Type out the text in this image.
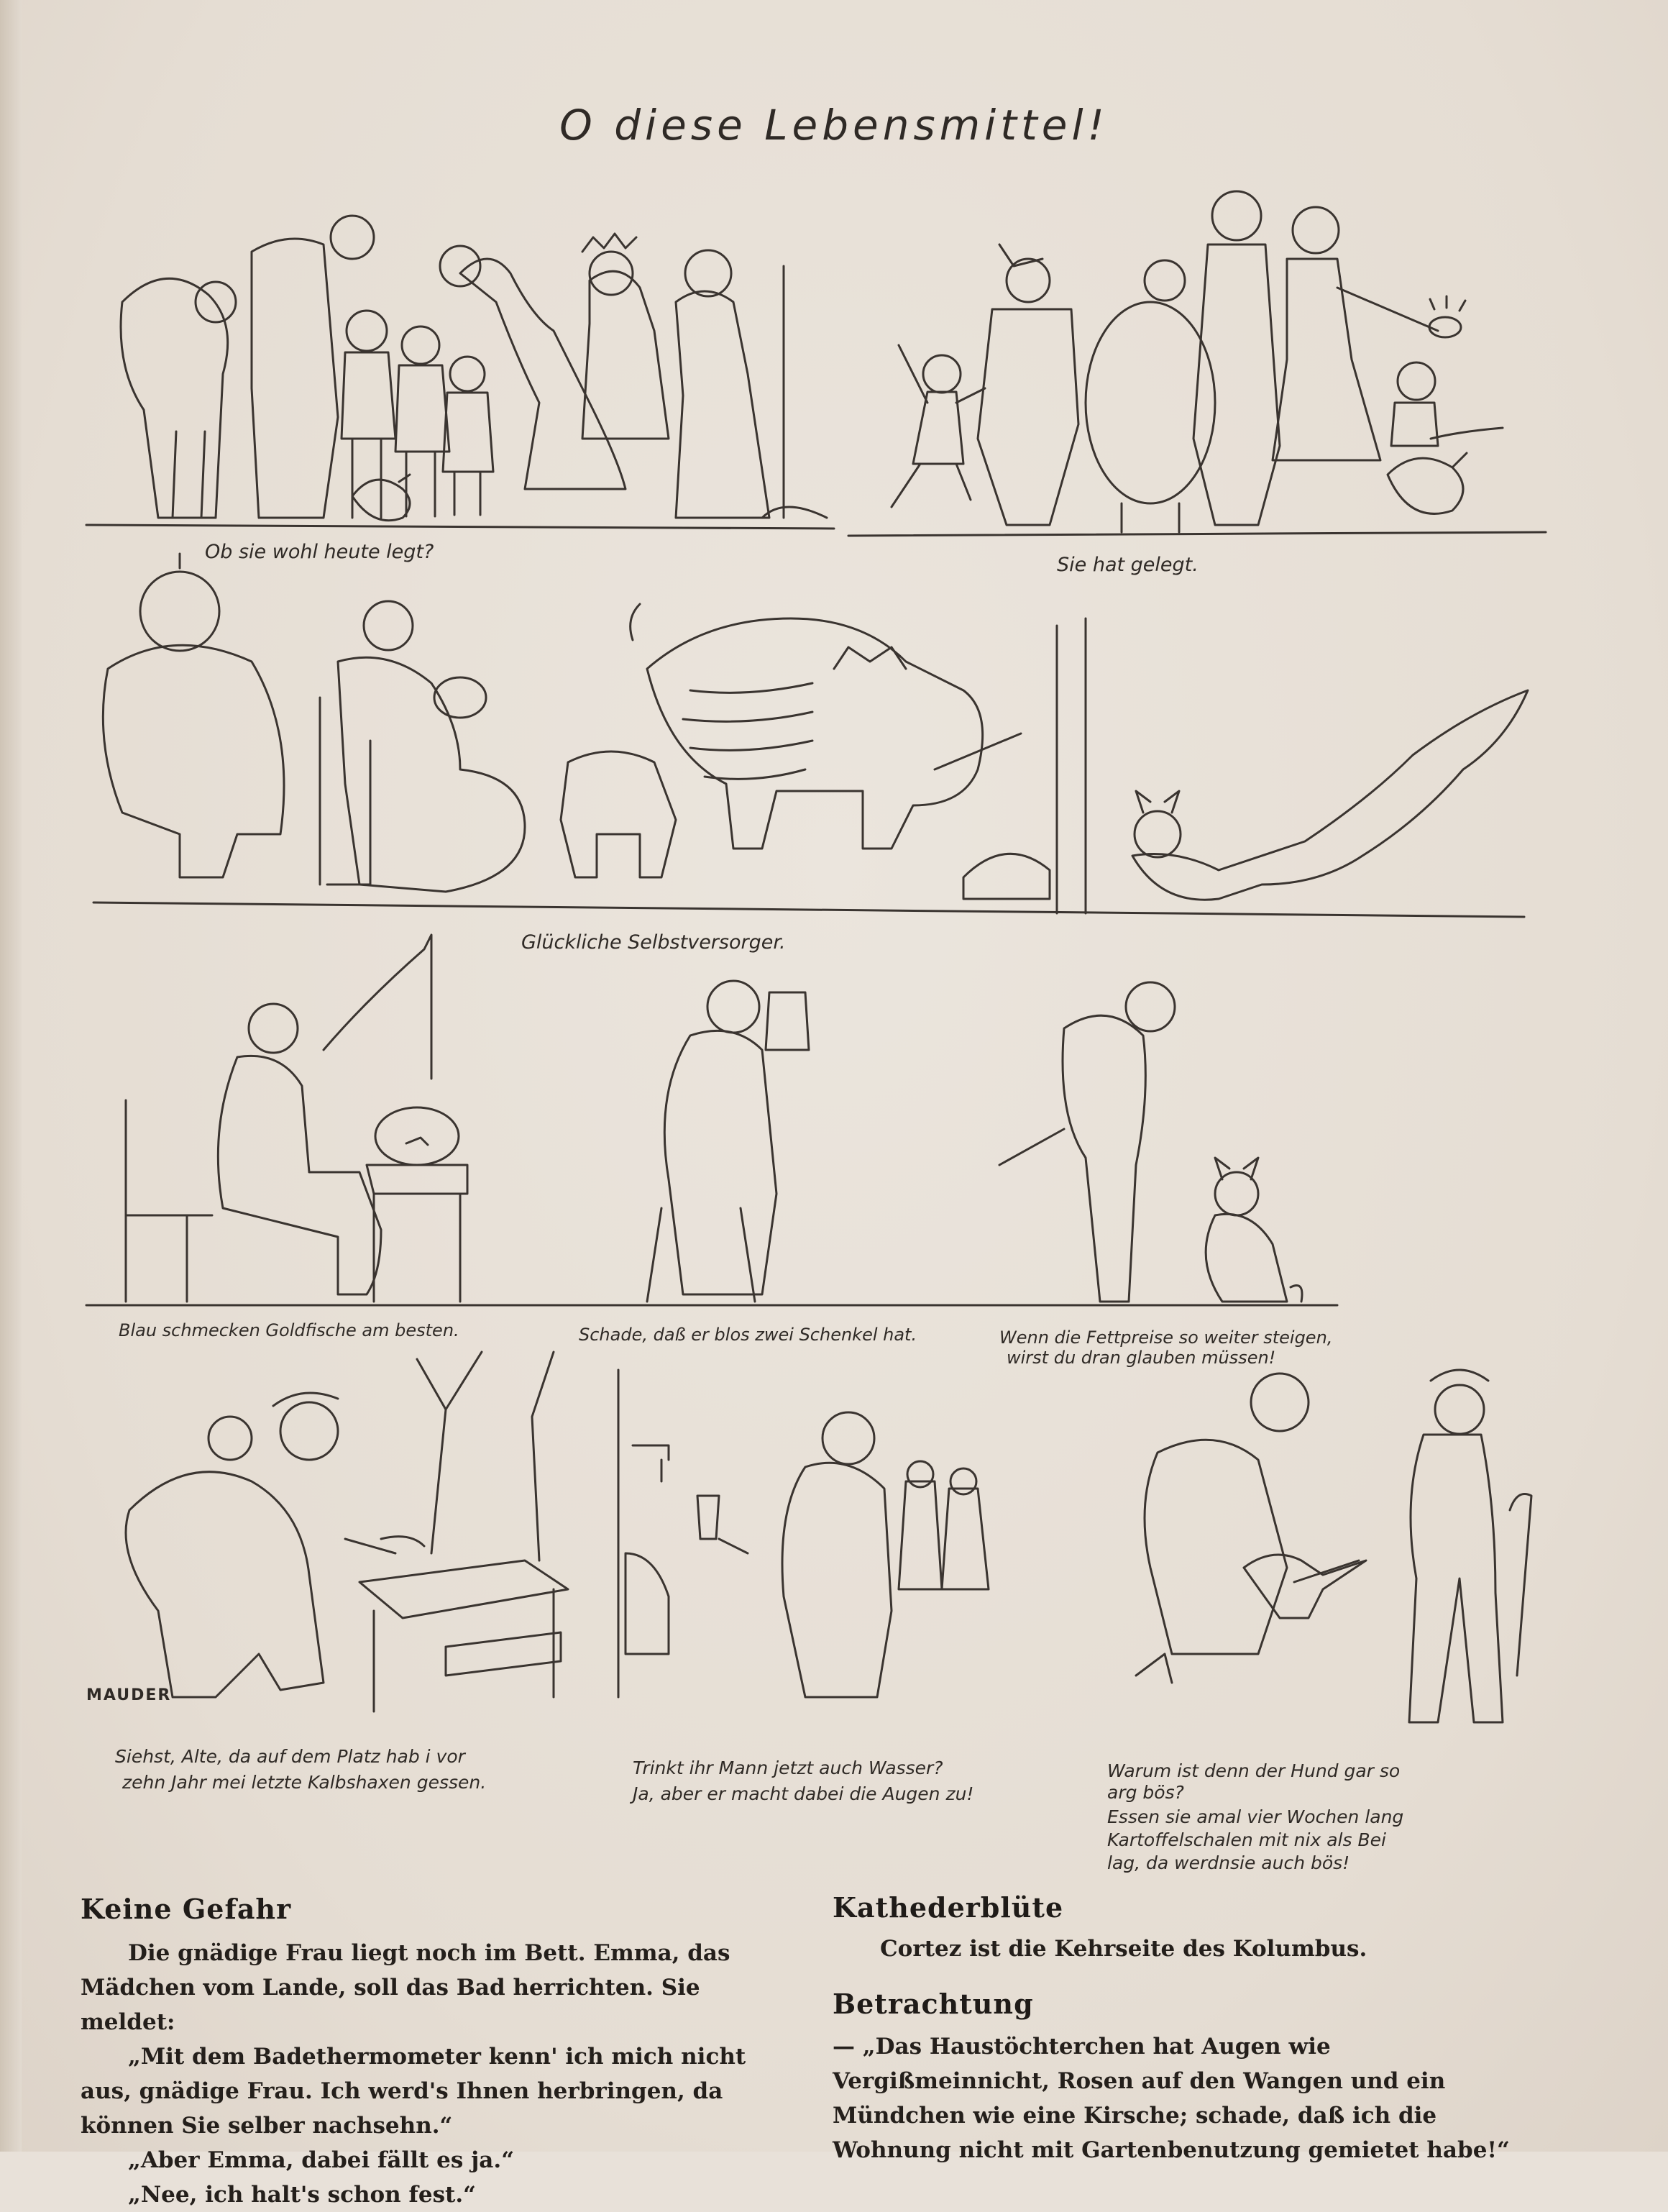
O diese Lebensmittel!
Ob sie wohl heute legt?
Sie hat gelegt.
Glückliche Selbstversorger.
Blau schmecken Goldfische am besten.	Schade, daß er blos zwei Schenkel hat.	Wenn die Fettpreise so weiter steigen,
wirst du dran glauben müssen!
MAUDER
Siehst, Alte, da auf dem Platz hab i vor
zehn Jahr mei letzte Kalbshaxen gessen.
Trinkt ihr Mann jetzt auch Wasser?
Ja, aber er macht dabei die Augen zu!
Warum ist denn der Hund gar so
arg bös?
Essen sie amal vier Wochen lang
Kartoffelschalen mit nix als Bei
lag, da werdnsie auch bös!
Keine Gefahr

Die gnädige Frau liegt noch im Bett. Emma, das Mädchen vom Lande, soll das Bad herrichten. Sie meldet:

„Mit dem Badethermometer kenn' ich mich nicht aus, gnädige Frau. Ich werd's Ihnen herbringen, da können Sie selber nachsehn.“

„Aber Emma, dabei fällt es ja.“

„Nee, ich halt's schon fest.“

Kathederblüte

Cortez ist die Kehrseite des Kolumbus.

Betrachtung

— „Das Haustöchterchen hat Augen wie Vergißmeinnicht, Rosen auf den Wangen und ein Mündchen wie eine Kirsche; schade, daß ich die Wohnung nicht mit Gartenbenutzung gemietet habe!“
